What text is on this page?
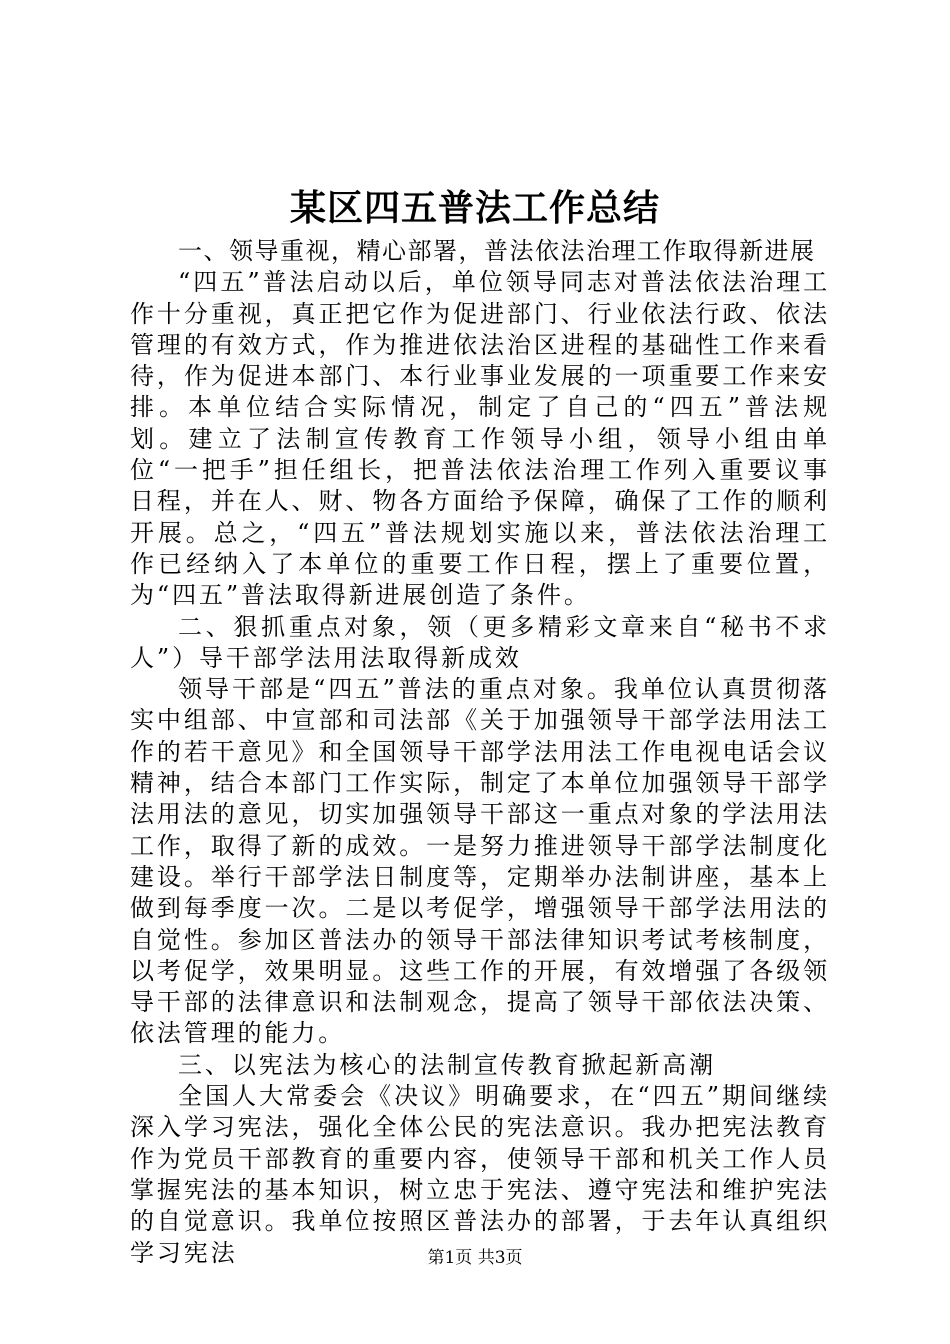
某区四五普法工作总结

一、领导重视，精心部署，普法依法治理工作取得新进展

“四五”普法启动以后，单位领导同志对普法依法治理工作十分重视，真正把它作为促进部门、行业依法行政、依法管理的有效方式，作为推进依法治区进程的基础性工作来看待，作为促进本部门、本行业事业发展的一项重要工作来安排。本单位结合实际情况，制定了自己的“四五”普法规划。建立了法制宣传教育工作领导小组，领导小组由单位“一把手”担任组长，把普法依法治理工作列入重要议事日程，并在人、财、物各方面给予保障，确保了工作的顺利开展。总之，“四五”普法规划实施以来，普法依法治理工作已经纳入了本单位的重要工作日程，摆上了重要位置，为“四五”普法取得新进展创造了条件。

二、狠抓重点对象，领（更多精彩文章来自“秘书不求人”）导干部学法用法取得新成效

领导干部是“四五”普法的重点对象。我单位认真贯彻落实中组部、中宣部和司法部《关于加强领导干部学法用法工作的若干意见》和全国领导干部学法用法工作电视电话会议精神，结合本部门工作实际，制定了本单位加强领导干部学法用法的意见，切实加强领导干部这一重点对象的学法用法工作，取得了新的成效。一是努力推进领导干部学法制度化建设。举行干部学法日制度等，定期举办法制讲座，基本上做到每季度一次。二是以考促学，增强领导干部学法用法的自觉性。参加区普法办的领导干部法律知识考试考核制度，以考促学，效果明显。这些工作的开展，有效增强了各级领导干部的法律意识和法制观念，提高了领导干部依法决策、依法管理的能力。

三、以宪法为核心的法制宣传教育掀起新高潮

全国人大常委会《决议》明确要求，在“四五”期间继续深入学习宪法，强化全体公民的宪法意识。我办把宪法教育作为党员干部教育的重要内容，使领导干部和机关工作人员掌握宪法的基本知识，树立忠于宪法、遵守宪法和维护宪法的自觉意识。我单位按照区普法办的部署，于去年认真组织学习宪法	第1页 共3页
